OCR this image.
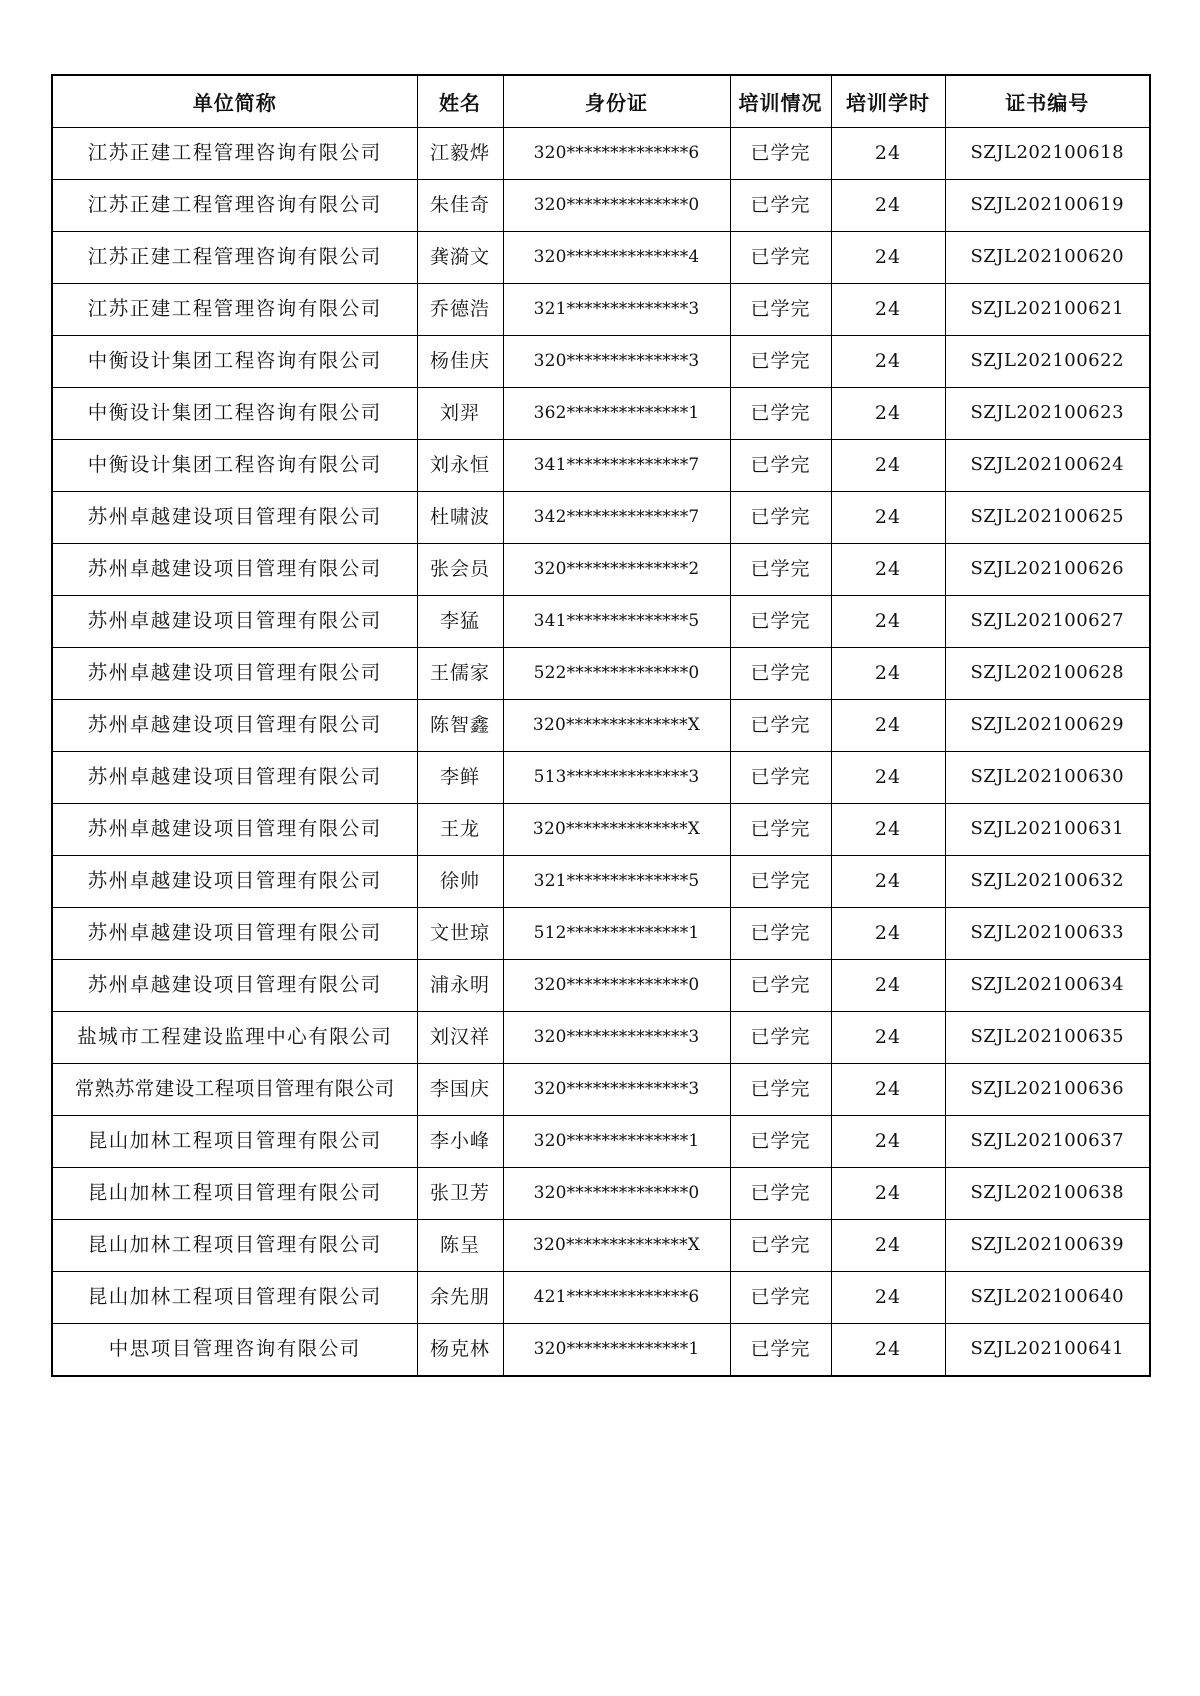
单位简称	姓名	身份证	培训情况	培训学时	证书编号
江苏正建工程管理咨询有限公司	江毅烨	320**************6	已学完	24	SZJL202100618
江苏正建工程管理咨询有限公司	朱佳奇	320**************0	已学完	24	SZJL202100619
江苏正建工程管理咨询有限公司	龚漪文	320**************4	已学完	24	SZJL202100620
江苏正建工程管理咨询有限公司	乔德浩	321**************3	已学完	24	SZJL202100621
中衡设计集团工程咨询有限公司	杨佳庆	320**************3	已学完	24	SZJL202100622
中衡设计集团工程咨询有限公司	刘羿	362**************1	已学完	24	SZJL202100623
中衡设计集团工程咨询有限公司	刘永恒	341**************7	已学完	24	SZJL202100624
苏州卓越建设项目管理有限公司	杜啸波	342**************7	已学完	24	SZJL202100625
苏州卓越建设项目管理有限公司	张会员	320**************2	已学完	24	SZJL202100626
苏州卓越建设项目管理有限公司	李猛	341**************5	已学完	24	SZJL202100627
苏州卓越建设项目管理有限公司	王儒家	522**************0	已学完	24	SZJL202100628
苏州卓越建设项目管理有限公司	陈智鑫	320**************X	已学完	24	SZJL202100629
苏州卓越建设项目管理有限公司	李鲜	513**************3	已学完	24	SZJL202100630
苏州卓越建设项目管理有限公司	王龙	320**************X	已学完	24	SZJL202100631
苏州卓越建设项目管理有限公司	徐帅	321**************5	已学完	24	SZJL202100632
苏州卓越建设项目管理有限公司	文世琼	512**************1	已学完	24	SZJL202100633
苏州卓越建设项目管理有限公司	浦永明	320**************0	已学完	24	SZJL202100634
盐城市工程建设监理中心有限公司	刘汉祥	320**************3	已学完	24	SZJL202100635
常熟苏常建设工程项目管理有限公司	李国庆	320**************3	已学完	24	SZJL202100636
昆山加林工程项目管理有限公司	李小峰	320**************1	已学完	24	SZJL202100637
昆山加林工程项目管理有限公司	张卫芳	320**************0	已学完	24	SZJL202100638
昆山加林工程项目管理有限公司	陈呈	320**************X	已学完	24	SZJL202100639
昆山加林工程项目管理有限公司	余先朋	421**************6	已学完	24	SZJL202100640
中思项目管理咨询有限公司	杨克林	320**************1	已学完	24	SZJL202100641
